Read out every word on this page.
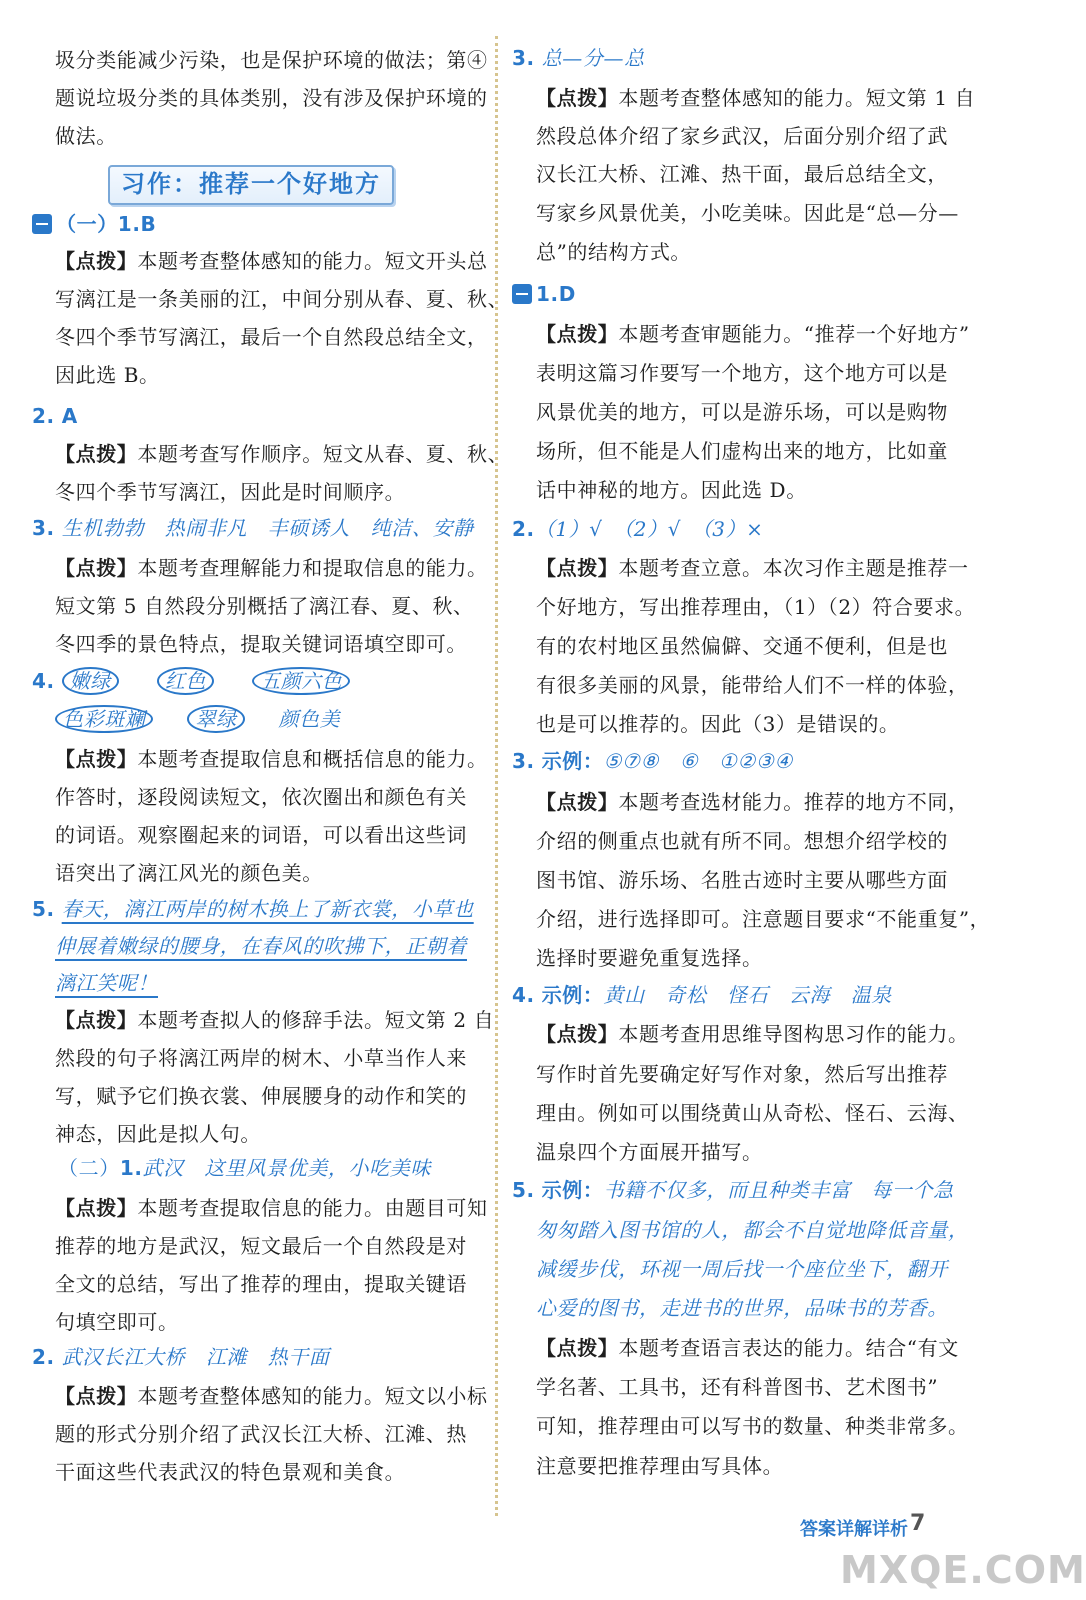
圾分类能减少污染，也是保护环境的做法；第④
题说垃圾分类的具体类别，没有涉及保护环境的
做法。
习作：推荐一个好地方
（一）1.B
【点拨】本题考查整体感知的能力。短文开头总
写漓江是一条美丽的江，中间分别从春、夏、秋、
冬四个季节写漓江，最后一个自然段总结全文，
因此选 B。
2. A
【点拨】本题考查写作顺序。短文从春、夏、秋、
冬四个季节写漓江，因此是时间顺序。
3. 生机勃勃　热闹非凡　丰硕诱人　纯洁、安静
【点拨】本题考查理解能力和提取信息的能力。
短文第 5 自然段分别概括了漓江春、夏、秋、
冬四季的景色特点，提取关键词语填空即可。
4. 嫩绿	红色	五颜六色
色彩斑斓 翠绿 颜色美
【点拨】本题考查提取信息和概括信息的能力。
作答时，逐段阅读短文，依次圈出和颜色有关
的词语。观察圈起来的词语，可以看出这些词
语突出了漓江风光的颜色美。
5. 春天，漓江两岸的树木换上了新衣裳，小草也
伸展着嫩绿的腰身，在春风的吹拂下，正朝着
漓江笑呢！
【点拨】本题考查拟人的修辞手法。短文第 2 自
然段的句子将漓江两岸的树木、小草当作人来
写，赋予它们换衣裳、伸展腰身的动作和笑的
神态，因此是拟人句。
（二）1.武汉　这里风景优美，小吃美味
【点拨】本题考查提取信息的能力。由题目可知
推荐的地方是武汉，短文最后一个自然段是对
全文的总结，写出了推荐的理由，提取关键语
句填空即可。
2. 武汉长江大桥　江滩　热干面
【点拨】本题考查整体感知的能力。短文以小标
题的形式分别介绍了武汉长江大桥、江滩、热
干面这些代表武汉的特色景观和美食。
3. 总—分—总
【点拨】本题考查整体感知的能力。短文第 1 自
然段总体介绍了家乡武汉，后面分别介绍了武
汉长江大桥、江滩、热干面，最后总结全文，
写家乡风景优美，小吃美味。因此是“总—分—
总”的结构方式。
1.D
【点拨】本题考查审题能力。“推荐一个好地方”
表明这篇习作要写一个地方，这个地方可以是
风景优美的地方，可以是游乐场，可以是购物
场所，但不能是人们虚构出来的地方，比如童
话中神秘的地方。因此选 D。
2.（1）√　（2）√　（3）×
【点拨】本题考查立意。本次习作主题是推荐一
个好地方，写出推荐理由，（1）（2）符合要求。
有的农村地区虽然偏僻、交通不便利，但是也
有很多美丽的风景，能带给人们不一样的体验，
也是可以推荐的。因此（3）是错误的。
3. 示例：⑤⑦⑧　⑥　①②③④
【点拨】本题考查选材能力。推荐的地方不同，
介绍的侧重点也就有所不同。想想介绍学校的
图书馆、游乐场、名胜古迹时主要从哪些方面
介绍，进行选择即可。注意题目要求“不能重复”，
选择时要避免重复选择。
4. 示例：黄山　奇松　怪石　云海　温泉
【点拨】本题考查用思维导图构思习作的能力。
写作时首先要确定好写作对象，然后写出推荐
理由。例如可以围绕黄山从奇松、怪石、云海、
温泉四个方面展开描写。
5. 示例：书籍不仅多，而且种类丰富　每一个急
匆匆踏入图书馆的人，都会不自觉地降低音量，
减缓步伐，环视一周后找一个座位坐下，翻开
心爱的图书，走进书的世界，品味书的芳香。
【点拨】本题考查语言表达的能力。结合“有文
学名著、工具书，还有科普图书、艺术图书”
可知，推荐理由可以写书的数量、种类非常多。
注意要把推荐理由写具体。
答案详解详析 7
MXQE.COM
